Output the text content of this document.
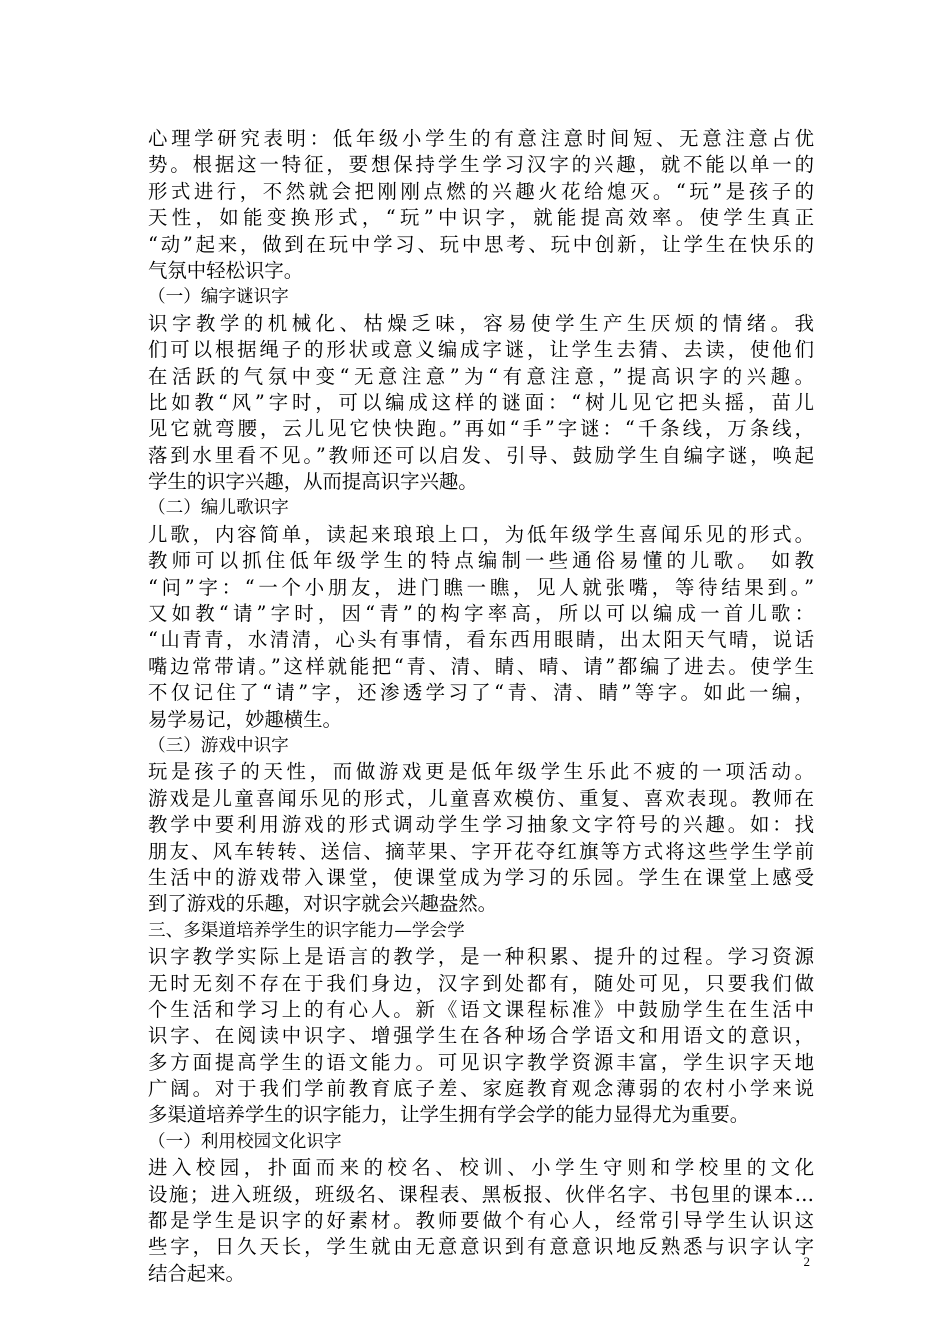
心理学研究表明：低年级小学生的有意注意时间短、无意注意占优
势。根据这一特征，要想保持学生学习汉字的兴趣，就不能以单一的
形式进行，不然就会把刚刚点燃的兴趣火花给熄灭。“玩”是孩子的
天性，如能变换形式，“玩”中识字，就能提高效率。使学生真正
“动”起来，做到在玩中学习、玩中思考、玩中创新，让学生在快乐的
气氛中轻松识字。
（一）编字谜识字
识字教学的机械化、枯燥乏味，容易使学生产生厌烦的情绪。我
们可以根据绳子的形状或意义编成字谜，让学生去猜、去读，使他们
在活跃的气氛中变“无意注意”为“有意注意，”提高识字的兴趣。
比如教“风”字时，可以编成这样的谜面：“树儿见它把头摇，苗儿
见它就弯腰，云儿见它快快跑。”再如“手”字谜：“千条线，万条线，
落到水里看不见。”教师还可以启发、引导、鼓励学生自编字谜，唤起
学生的识字兴趣，从而提高识字兴趣。
（二）编儿歌识字
儿歌，内容简单，读起来琅琅上口，为低年级学生喜闻乐见的形式。
教师可以抓住低年级学生的特点编制一些通俗易懂的儿歌。 如教
“问”字：“一个小朋友，进门瞧一瞧，见人就张嘴，等待结果到。”
又如教“请”字时，因“青”的构字率高，所以可以编成一首儿歌：
“山青青，水清清，心头有事情，看东西用眼睛，出太阳天气晴，说话
嘴边常带请。”这样就能把“青、清、睛、晴、请”都编了进去。使学生
不仅记住了“请”字，还渗透学习了“青、清、睛”等字。如此一编，
易学易记，妙趣横生。
（三）游戏中识字
玩是孩子的天性，而做游戏更是低年级学生乐此不疲的一项活动。
游戏是儿童喜闻乐见的形式，儿童喜欢模仿、重复、喜欢表现。教师在
教学中要利用游戏的形式调动学生学习抽象文字符号的兴趣。如：找
朋友、风车转转、送信、摘苹果、字开花夺红旗等方式将这些学生学前
生活中的游戏带入课堂，使课堂成为学习的乐园。学生在课堂上感受
到了游戏的乐趣，对识字就会兴趣盎然。
三、多渠道培养学生的识字能力—学会学
识字教学实际上是语言的教学，是一种积累、提升的过程。学习资源
无时无刻不存在于我们身边，汉字到处都有，随处可见，只要我们做
个生活和学习上的有心人。新《语文课程标准》中鼓励学生在生活中
识字、在阅读中识字、增强学生在各种场合学语文和用语文的意识，
多方面提高学生的语文能力。可见识字教学资源丰富，学生识字天地
广阔。对于我们学前教育底子差、家庭教育观念薄弱的农村小学来说
多渠道培养学生的识字能力，让学生拥有学会学的能力显得尤为重要。
（一）利用校园文化识字
进入校园，扑面而来的校名、校训、小学生守则和学校里的文化
设施；进入班级，班级名、课程表、黑板报、伙伴名字、书包里的课本…
都是学生是识字的好素材。教师要做个有心人，经常引导学生认识这
些字，日久天长，学生就由无意意识到有意意识地反熟悉与识字认字
结合起来。
2
